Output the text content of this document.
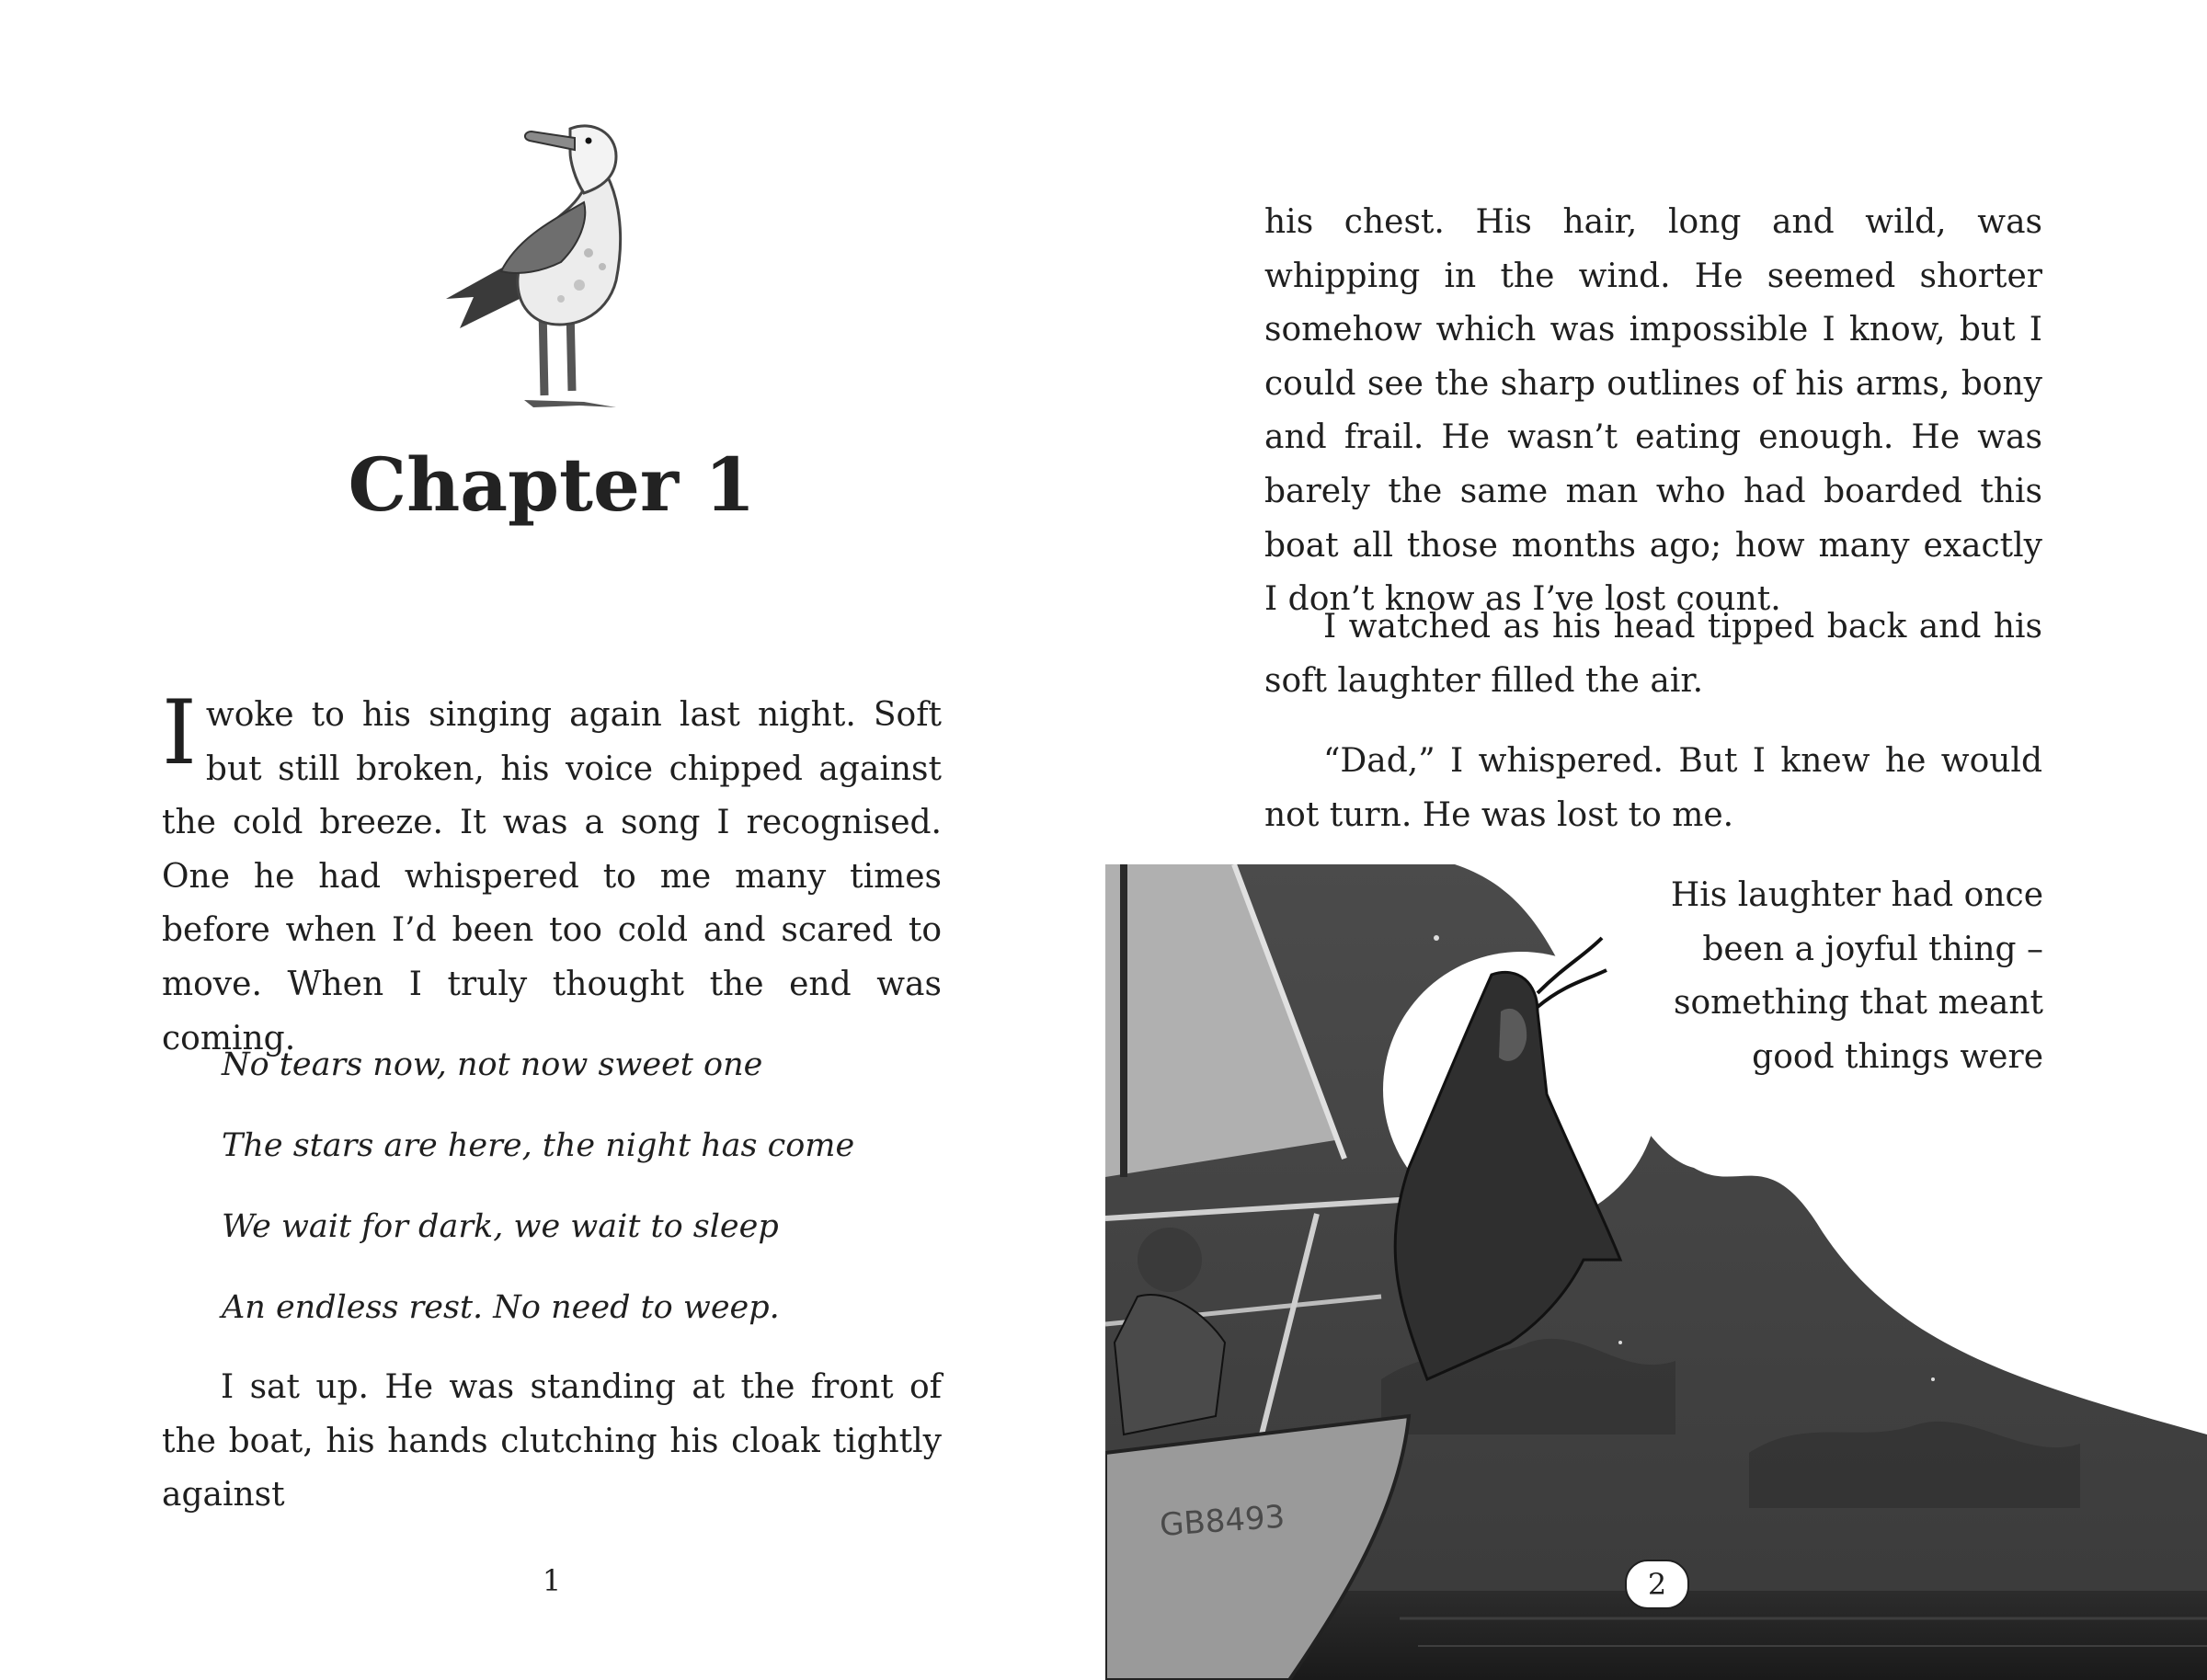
Chapter 1

Iwoke to his singing again last night. Soft but still broken, his voice chipped against the cold breeze. It was a song I recognised. One he had whispered to me many times before when I’d been too cold and scared to move. When I truly thought the end was coming.

No tears now, not now sweet one

The stars are here, the night has come

We wait for dark, we wait to sleep

An endless rest. No need to weep.

I sat up. He was standing at the front of the boat, his hands clutching his cloak tightly against

1

his chest. His hair, long and wild, was whipping in the wind. He seemed shorter somehow which was impossible I know, but I could see the sharp outlines of his arms, bony and frail. He wasn’t eating enough. He was barely the same man who had boarded this boat all those months ago; how many exactly I don’t know as I’ve lost count.

I watched as his head tipped back and his soft laughter filled the air.

“Dad,” I whispered. But I knew he would not turn. He was lost to me.

GB8493

His laughter had once
been a joyful thing –
something that meant
good things were

2
